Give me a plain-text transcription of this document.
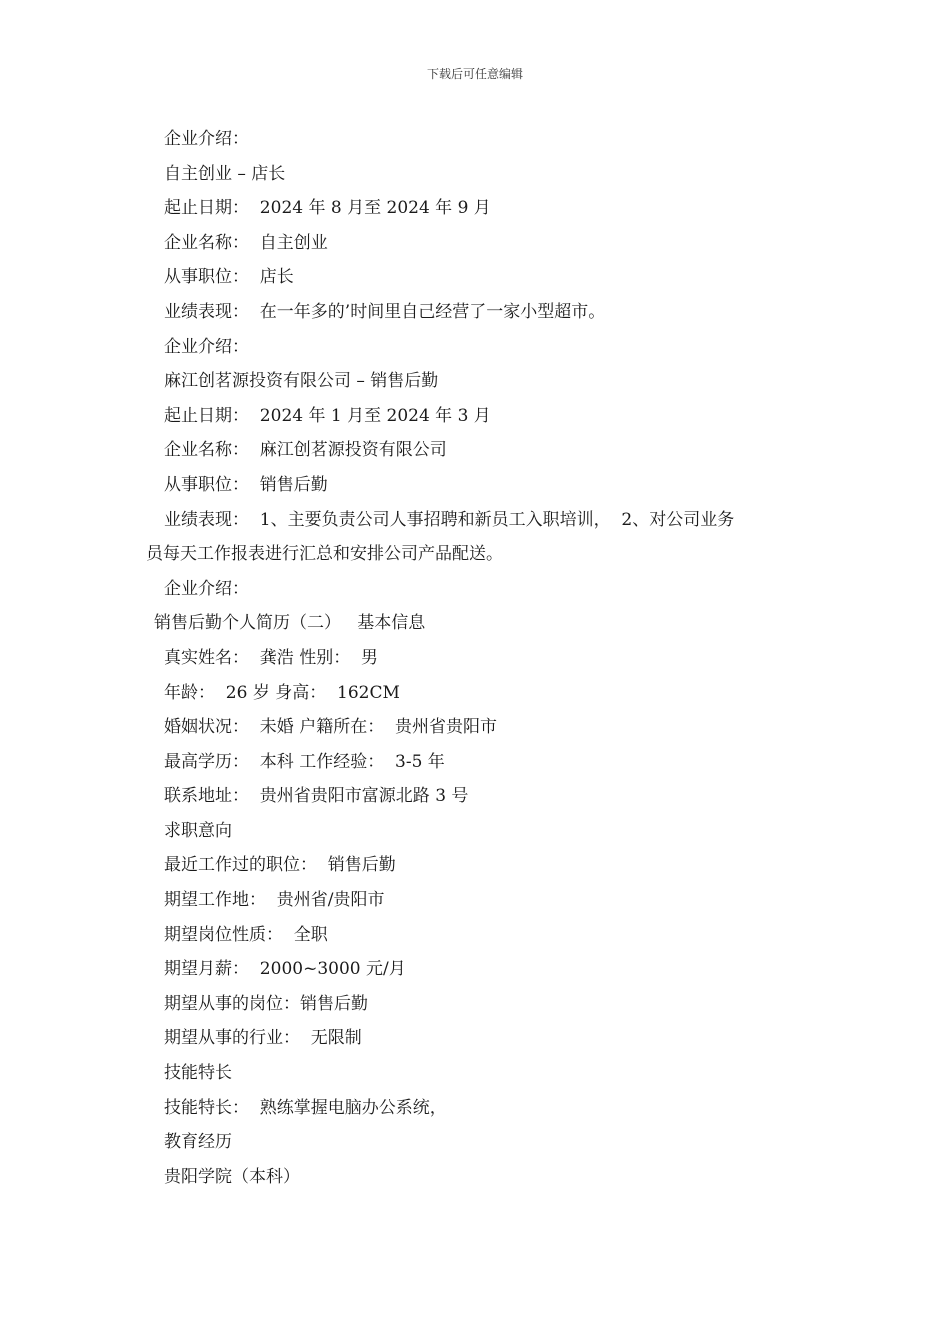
下载后可任意编辑
企业介绍：
自主创业 – 店长
起止日期：  2024 年 8 月至 2024 年 9 月
企业名称：  自主创业
从事职位：  店长
业绩表现：  在一年多的’时间里自己经营了一家小型超市。
企业介绍：
麻江创茗源投资有限公司 – 销售后勤
起止日期：  2024 年 1 月至 2024 年 3 月
企业名称：  麻江创茗源投资有限公司
从事职位：  销售后勤
业绩表现：  1、主要负责公司人事招聘和新员工入职培训，  2、对公司业务
员每天工作报表进行汇总和安排公司产品配送。
企业介绍：
销售后勤个人简历（二）   基本信息
真实姓名：  龚浩 性别：  男
年龄：  26 岁 身高：  162CM
婚姻状况：  未婚 户籍所在：  贵州省贵阳市
最高学历：  本科 工作经验：  3-5 年
联系地址：  贵州省贵阳市富源北路 3 号
求职意向
最近工作过的职位：  销售后勤
期望工作地：  贵州省/贵阳市
期望岗位性质：  全职
期望月薪：  2000~3000 元/月
期望从事的岗位：销售后勤
期望从事的行业：  无限制
技能特长
技能特长：  熟练掌握电脑办公系统，
教育经历
贵阳学院（本科）
